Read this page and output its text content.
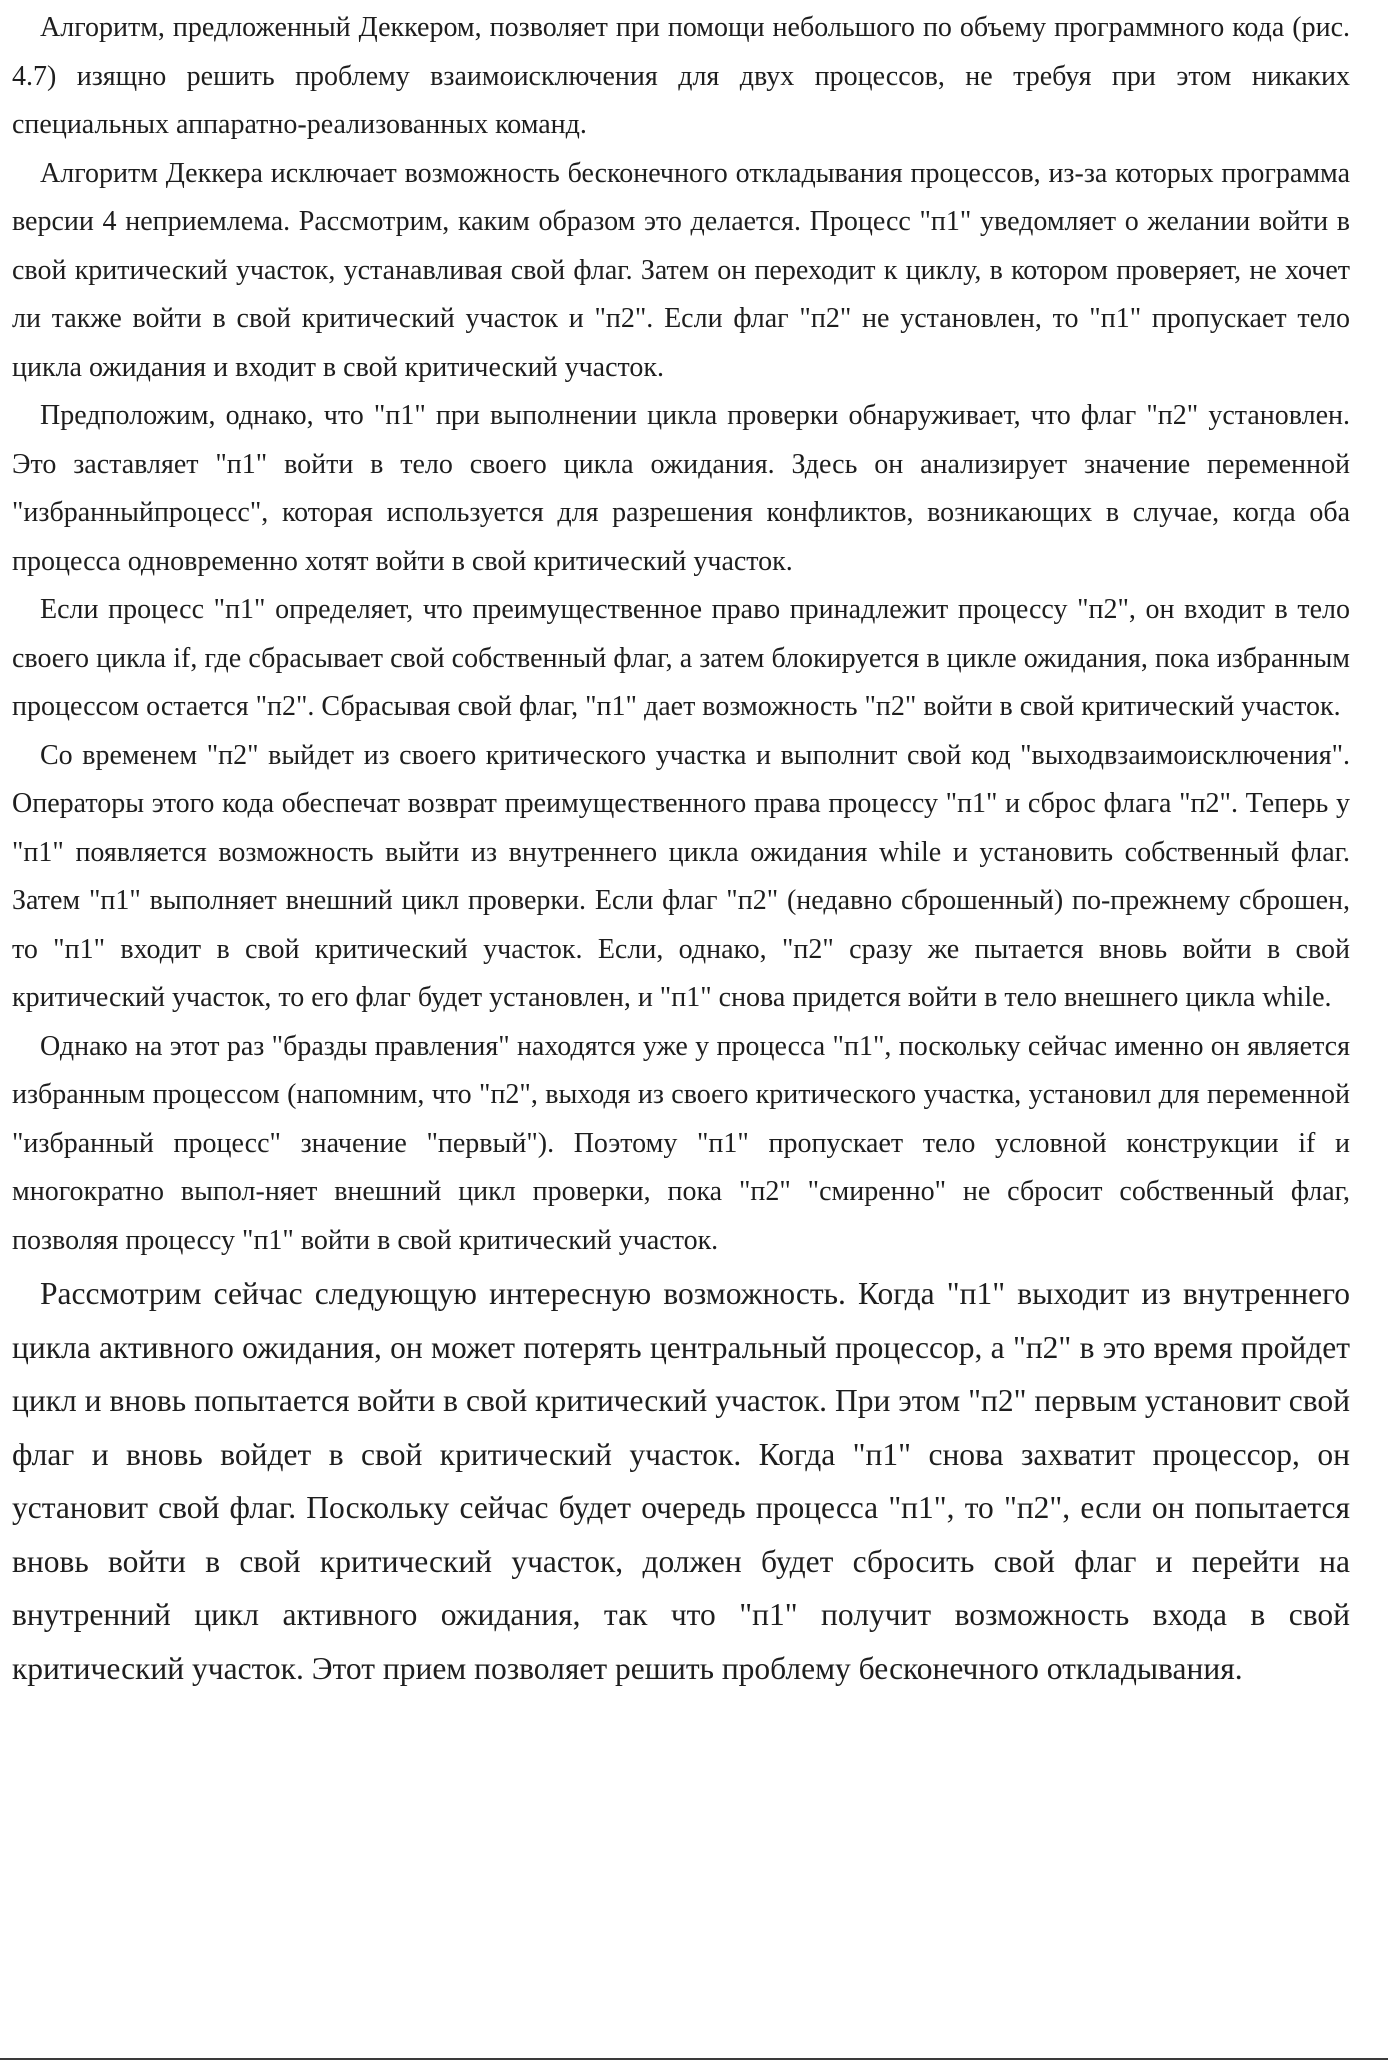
Алгоритм, предложенный Деккером, позволяет при помощи небольшого по объему программного кода (рис. 4.7) изящно решить проблему взаимоисключения для двух процессов, не требуя при этом никаких специальных аппаратно-реализованных команд.

Алгоритм Деккера исключает возможность бесконечного откладывания процессов, из-за которых программа версии 4 неприемлема. Рассмотрим, каким образом это делается. Процесс "п1" уведомляет о желании войти в свой критический участок, устанавливая свой флаг. Затем он переходит к циклу, в котором проверяет, не хочет ли также войти в свой критический участок и "п2". Если флаг "п2" не установлен, то "п1" пропускает тело цикла ожидания и входит в свой критический участок.

Предположим, однако, что "п1" при выполнении цикла проверки обнаруживает, что флаг "п2" установлен. Это заставляет "п1" войти в тело своего цикла ожидания. Здесь он анализирует значение переменной "избранныйпроцесс", которая используется для разрешения конфликтов, возникающих в случае, когда оба процесса одновременно хотят войти в свой критический участок.

Если процесс "п1" определяет, что преимущественное право принадлежит процессу "п2", он входит в тело своего цикла if, где сбрасывает свой собственный флаг, а затем блокируется в цикле ожидания, пока избранным процессом остается "п2". Сбрасывая свой флаг, "п1" дает возможность "п2" войти в свой критический участок.

Со временем "п2" выйдет из своего критического участка и выполнит свой код "выходвзаимоисключения". Операторы этого кода обеспечат возврат преимущественного права процессу "п1" и сброс флага "п2". Теперь у "п1" появляется возможность выйти из внутреннего цикла ожидания while и установить собственный флаг. Затем "п1" выполняет внешний цикл проверки. Если флаг "п2" (недавно сброшенный) по-прежнему сброшен, то "п1" входит в свой критический участок. Если, однако, "п2" сразу же пытается вновь войти в свой критический участок, то его флаг будет установлен, и "п1" снова придется войти в тело внешнего цикла while.

Однако на этот раз "бразды правления" находятся уже у процесса "п1", поскольку сейчас именно он является избранным процессом (напомним, что "п2", выходя из своего критического участка, установил для переменной "избранный процесс" значение "первый"). Поэтому "п1" пропускает тело условной конструкции if и многократно выпол-няет внешний цикл проверки, пока "п2" "смиренно" не сбросит собственный флаг, позволяя процессу "п1" войти в свой критический участок.

Рассмотрим сейчас следующую интересную возможность. Когда "п1" выходит из внутреннего цикла активного ожидания, он может потерять центральный процессор, а "п2" в это время пройдет цикл и вновь попытается войти в свой критический участок. При этом "п2" первым установит свой флаг и вновь войдет в свой критический участок. Когда "п1" снова захватит процессор, он установит свой флаг. Поскольку сейчас будет очередь процесса "п1", то "п2", если он попытается вновь войти в свой критический участок, должен будет сбросить свой флаг и перейти на внутренний цикл активного ожидания, так что "п1" получит возможность входа в свой критический участок. Этот прием позволяет решить проблему бесконечного откладывания.
